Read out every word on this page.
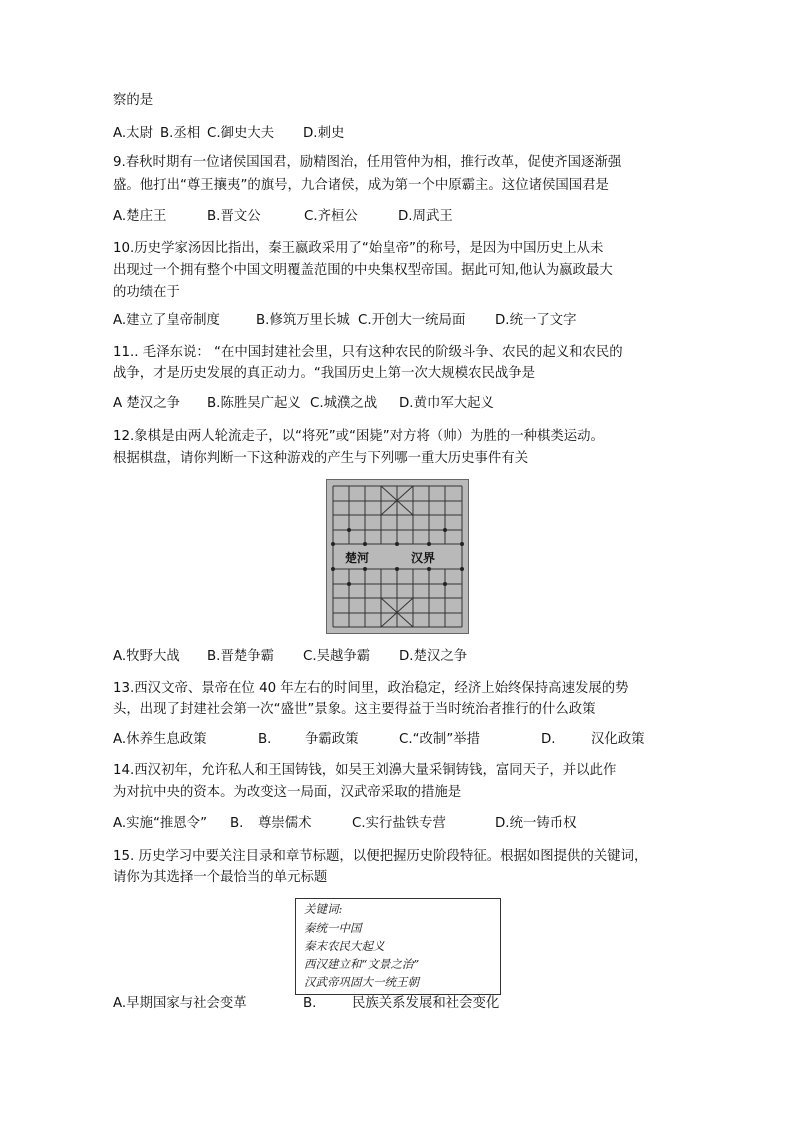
察的是
A.太尉 B.丞相 C.御史大夫 D.刺史
9.春秋时期有一位诸侯国国君，励精图治，任用管仲为相，推行改革，促使齐国逐渐强
盛。他打出“尊王攘夷”的旗号，九合诸侯，成为第一个中原霸主。这位诸侯国国君是
A.楚庄王	B.晋文公	C.齐桓公	D.周武王
10.历史学家汤因比指出，秦王嬴政采用了“始皇帝”的称号，是因为中国历史上从未
出现过一个拥有整个中国文明覆盖范围的中央集权型帝国。据此可知,他认为嬴政最大
的功绩在于
A.建立了皇帝制度	B.修筑万里长城 C.开创大一统局面 D.统一了文字
11.. 毛泽东说： “在中国封建社会里，只有这种农民的阶级斗争、农民的起义和农民的
战争，才是历史发展的真正动力。“我国历史上第一次大规模农民战争是
A 楚汉之争 B.陈胜吴广起义 C.城濮之战 D.黄巾军大起义
12.象棋是由两人轮流走子，以“将死”或“困毙”对方将（帅）为胜的一种棋类运动。
根据棋盘，请你判断一下这种游戏的产生与下列哪一重大历史事件有关
楚河	汉界
A.牧野大战 B.晋楚争霸 C.吴越争霸 D.楚汉之争
13.西汉文帝、景帝在位 40 年左右的时间里，政治稳定，经济上始终保持高速发展的势
头，出现了封建社会第一次“盛世”景象。这主要得益于当时统治者推行的什么政策
A.休养生息政策	B.	争霸政策	C.“改制”举措	D.	汉化政策
14.西汉初年，允许私人和王国铸钱，如吴王刘濞大量采铜铸钱，富同天子，并以此作
为对抗中央的资本。为改变这一局面，汉武帝采取的措施是
A.实施“推恩令” B. 尊崇儒术	C.实行盐铁专营	D.统一铸币权
15. 历史学习中要关注目录和章节标题，以便把握历史阶段特征。根据如图提供的关键词，
请你为其选择一个最恰当的单元标题
关键词:
秦统一中国
秦末农民大起义
西汉建立和“文景之治”
汉武帝巩固大一统王朝
A.早期国家与社会变革	B.	民族关系发展和社会变化
